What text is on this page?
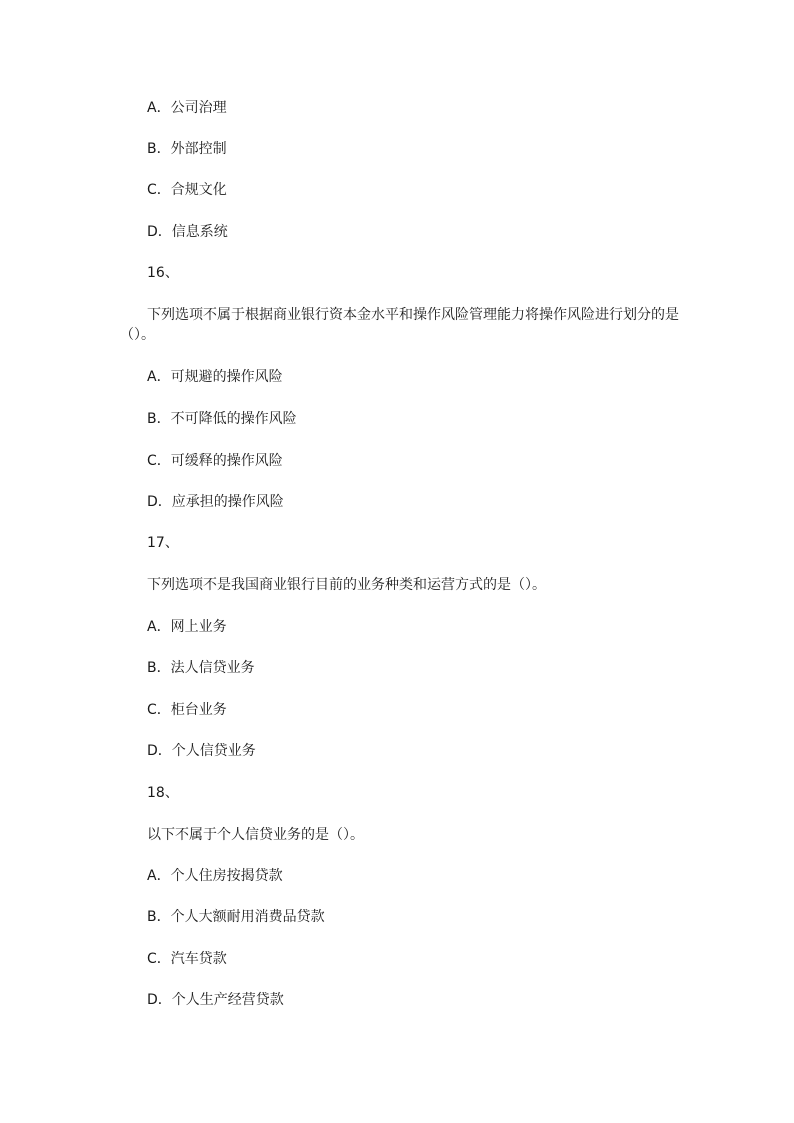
A．公司治理
B．外部控制
C．合规文化
D．信息系统
16、
下列选项不属于根据商业银行资本金水平和操作风险管理能力将操作风险进行划分的是（）。
A．可规避的操作风险
B．不可降低的操作风险
C．可缓释的操作风险
D．应承担的操作风险
17、
下列选项不是我国商业银行目前的业务种类和运营方式的是（）。
A．网上业务
B．法人信贷业务
C．柜台业务
D．个人信贷业务
18、
以下不属于个人信贷业务的是（）。
A．个人住房按揭贷款
B．个人大额耐用消费品贷款
C．汽车贷款
D．个人生产经营贷款
